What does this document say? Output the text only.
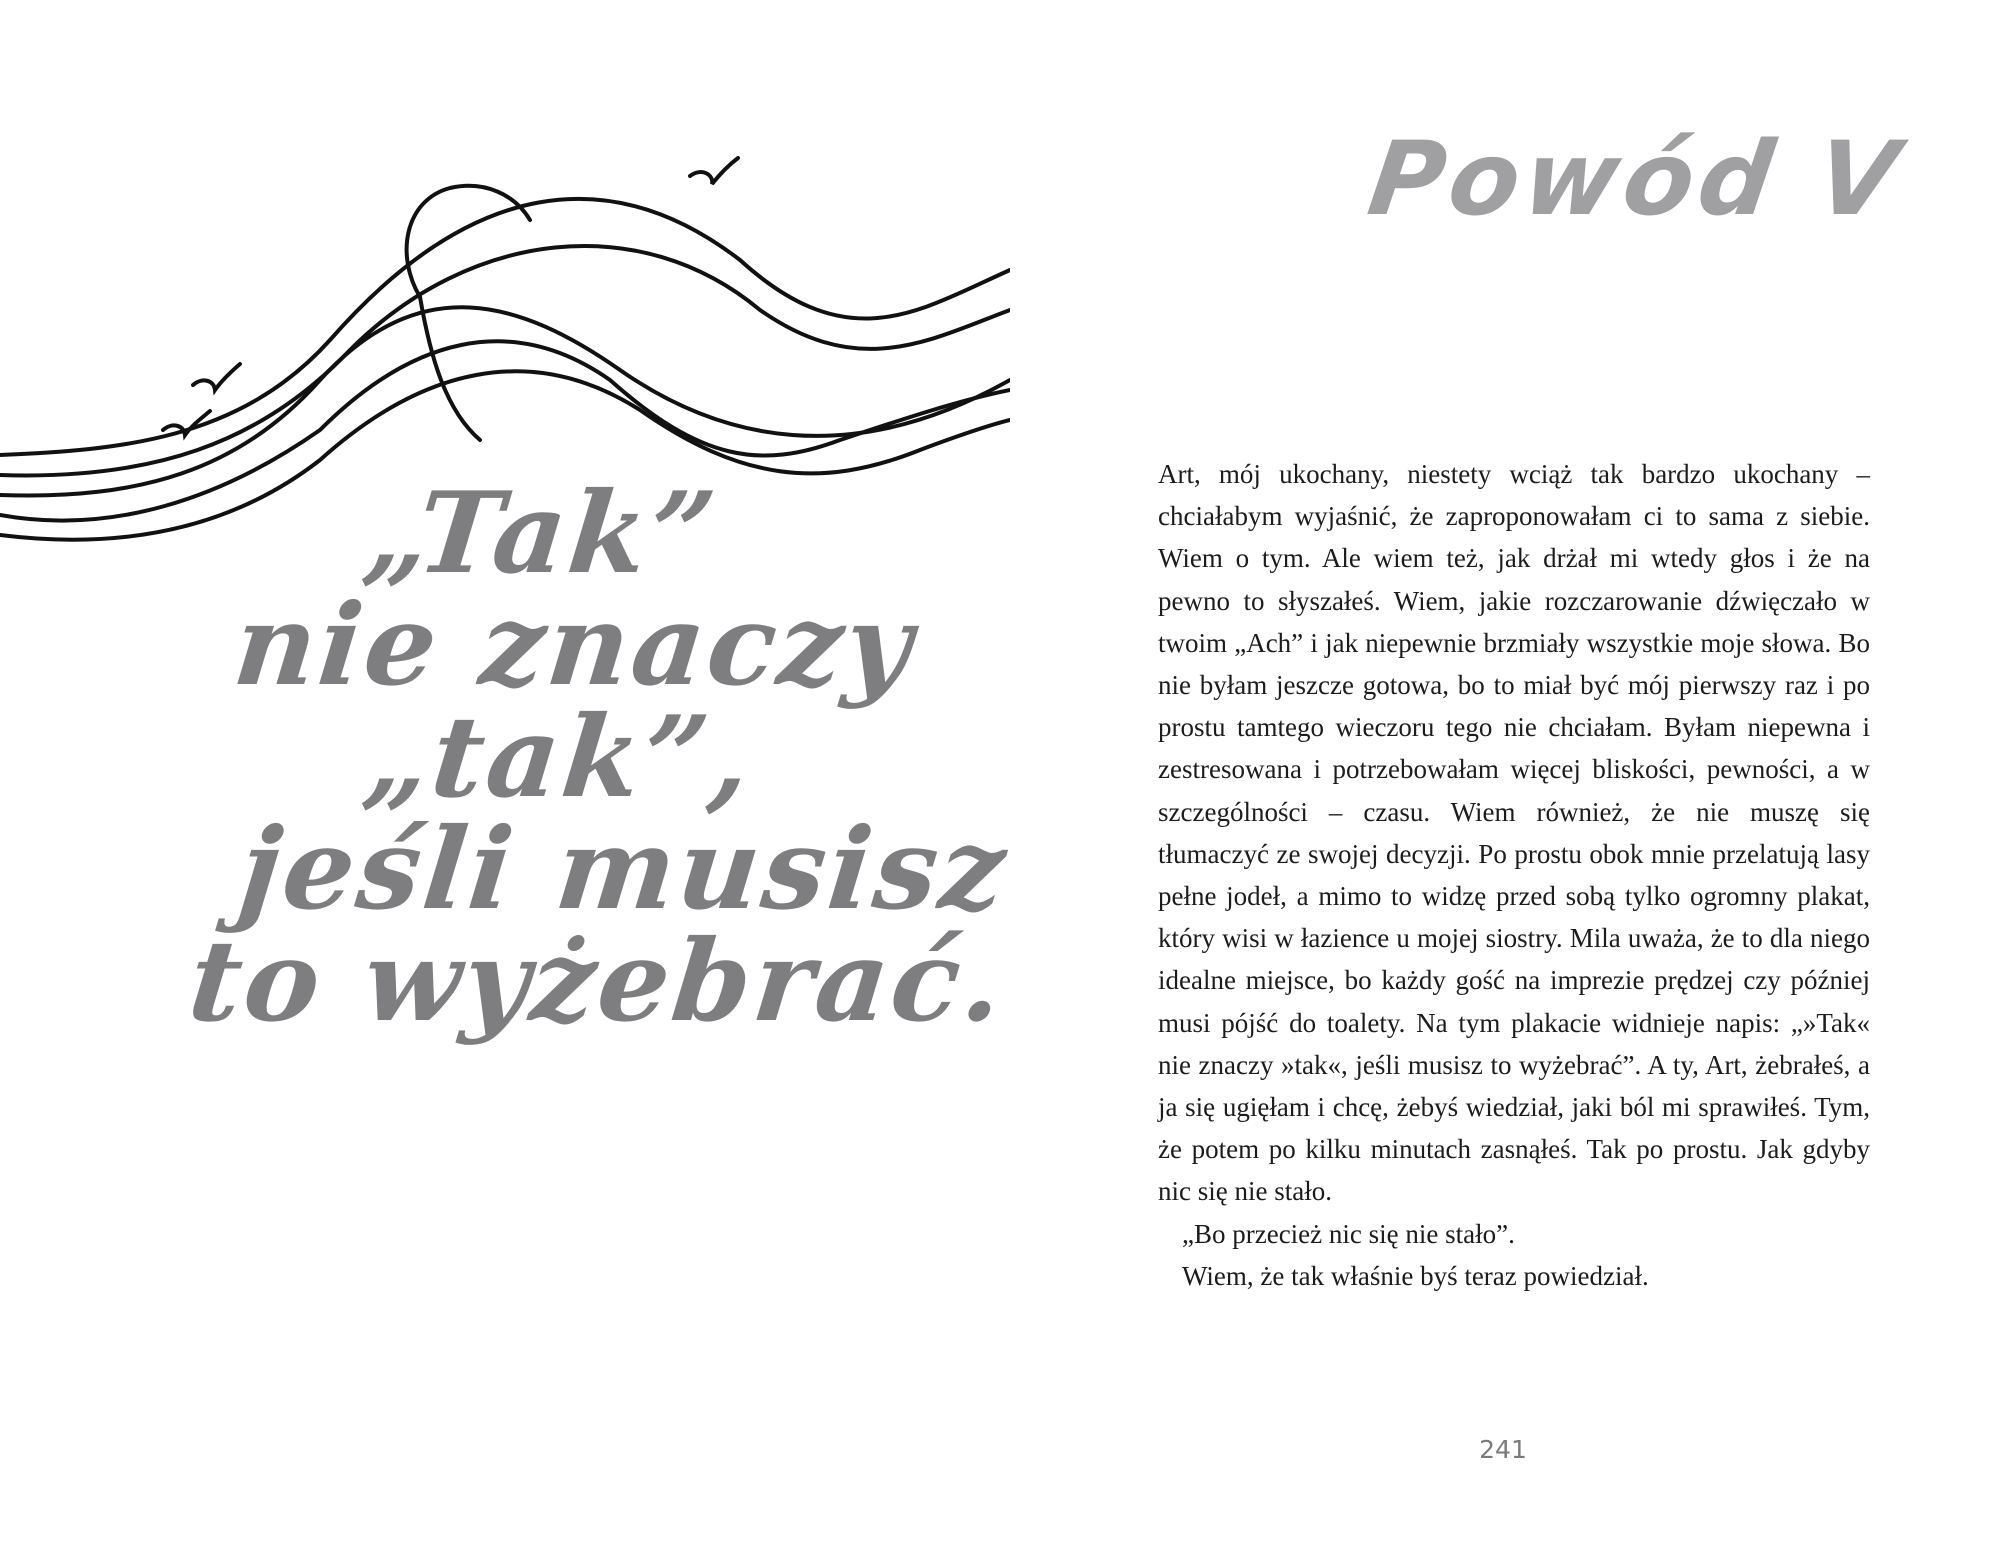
„Tak”
nie znaczy
„tak”,
jeśli musisz
to wyżebrać.
Powód V

Art, mój ukochany, niestety wciąż tak bardzo ukochany – chciałabym wyjaśnić, że zaproponowałam ci to sama z siebie. Wiem o tym. Ale wiem też, jak drżał mi wtedy głos i że na pewno to słyszałeś. Wiem, jakie rozczarowanie dźwięczało w twoim „Ach” i jak niepewnie brzmiały wszystkie moje słowa. Bo nie byłam jeszcze gotowa, bo to miał być mój pierwszy raz i po prostu tamtego wieczoru tego nie chciałam. Byłam niepewna i zestresowana i potrzebowałam więcej bliskości, pewności, a w szczególności – czasu. Wiem również, że nie muszę się tłumaczyć ze swojej decyzji. Po prostu obok mnie przelatują lasy pełne jodeł, a mimo to widzę przed sobą tylko ogromny plakat, który wisi w łazience u mojej siostry. Mila uważa, że to dla niego idealne miejsce, bo każdy gość na imprezie prędzej czy później musi pójść do toalety. Na tym plakacie widnieje napis: „»Tak« nie znaczy »tak«, jeśli musisz to wyżebrać”. A ty, Art, żebrałeś, a ja się ugięłam i chcę, żebyś wiedział, jaki ból mi sprawiłeś. Tym, że potem po kilku minutach zasnąłeś. Tak po prostu. Jak gdyby nic się nie stało.

„Bo przecież nic się nie stało”.

Wiem, że tak właśnie byś teraz powiedział.

241
